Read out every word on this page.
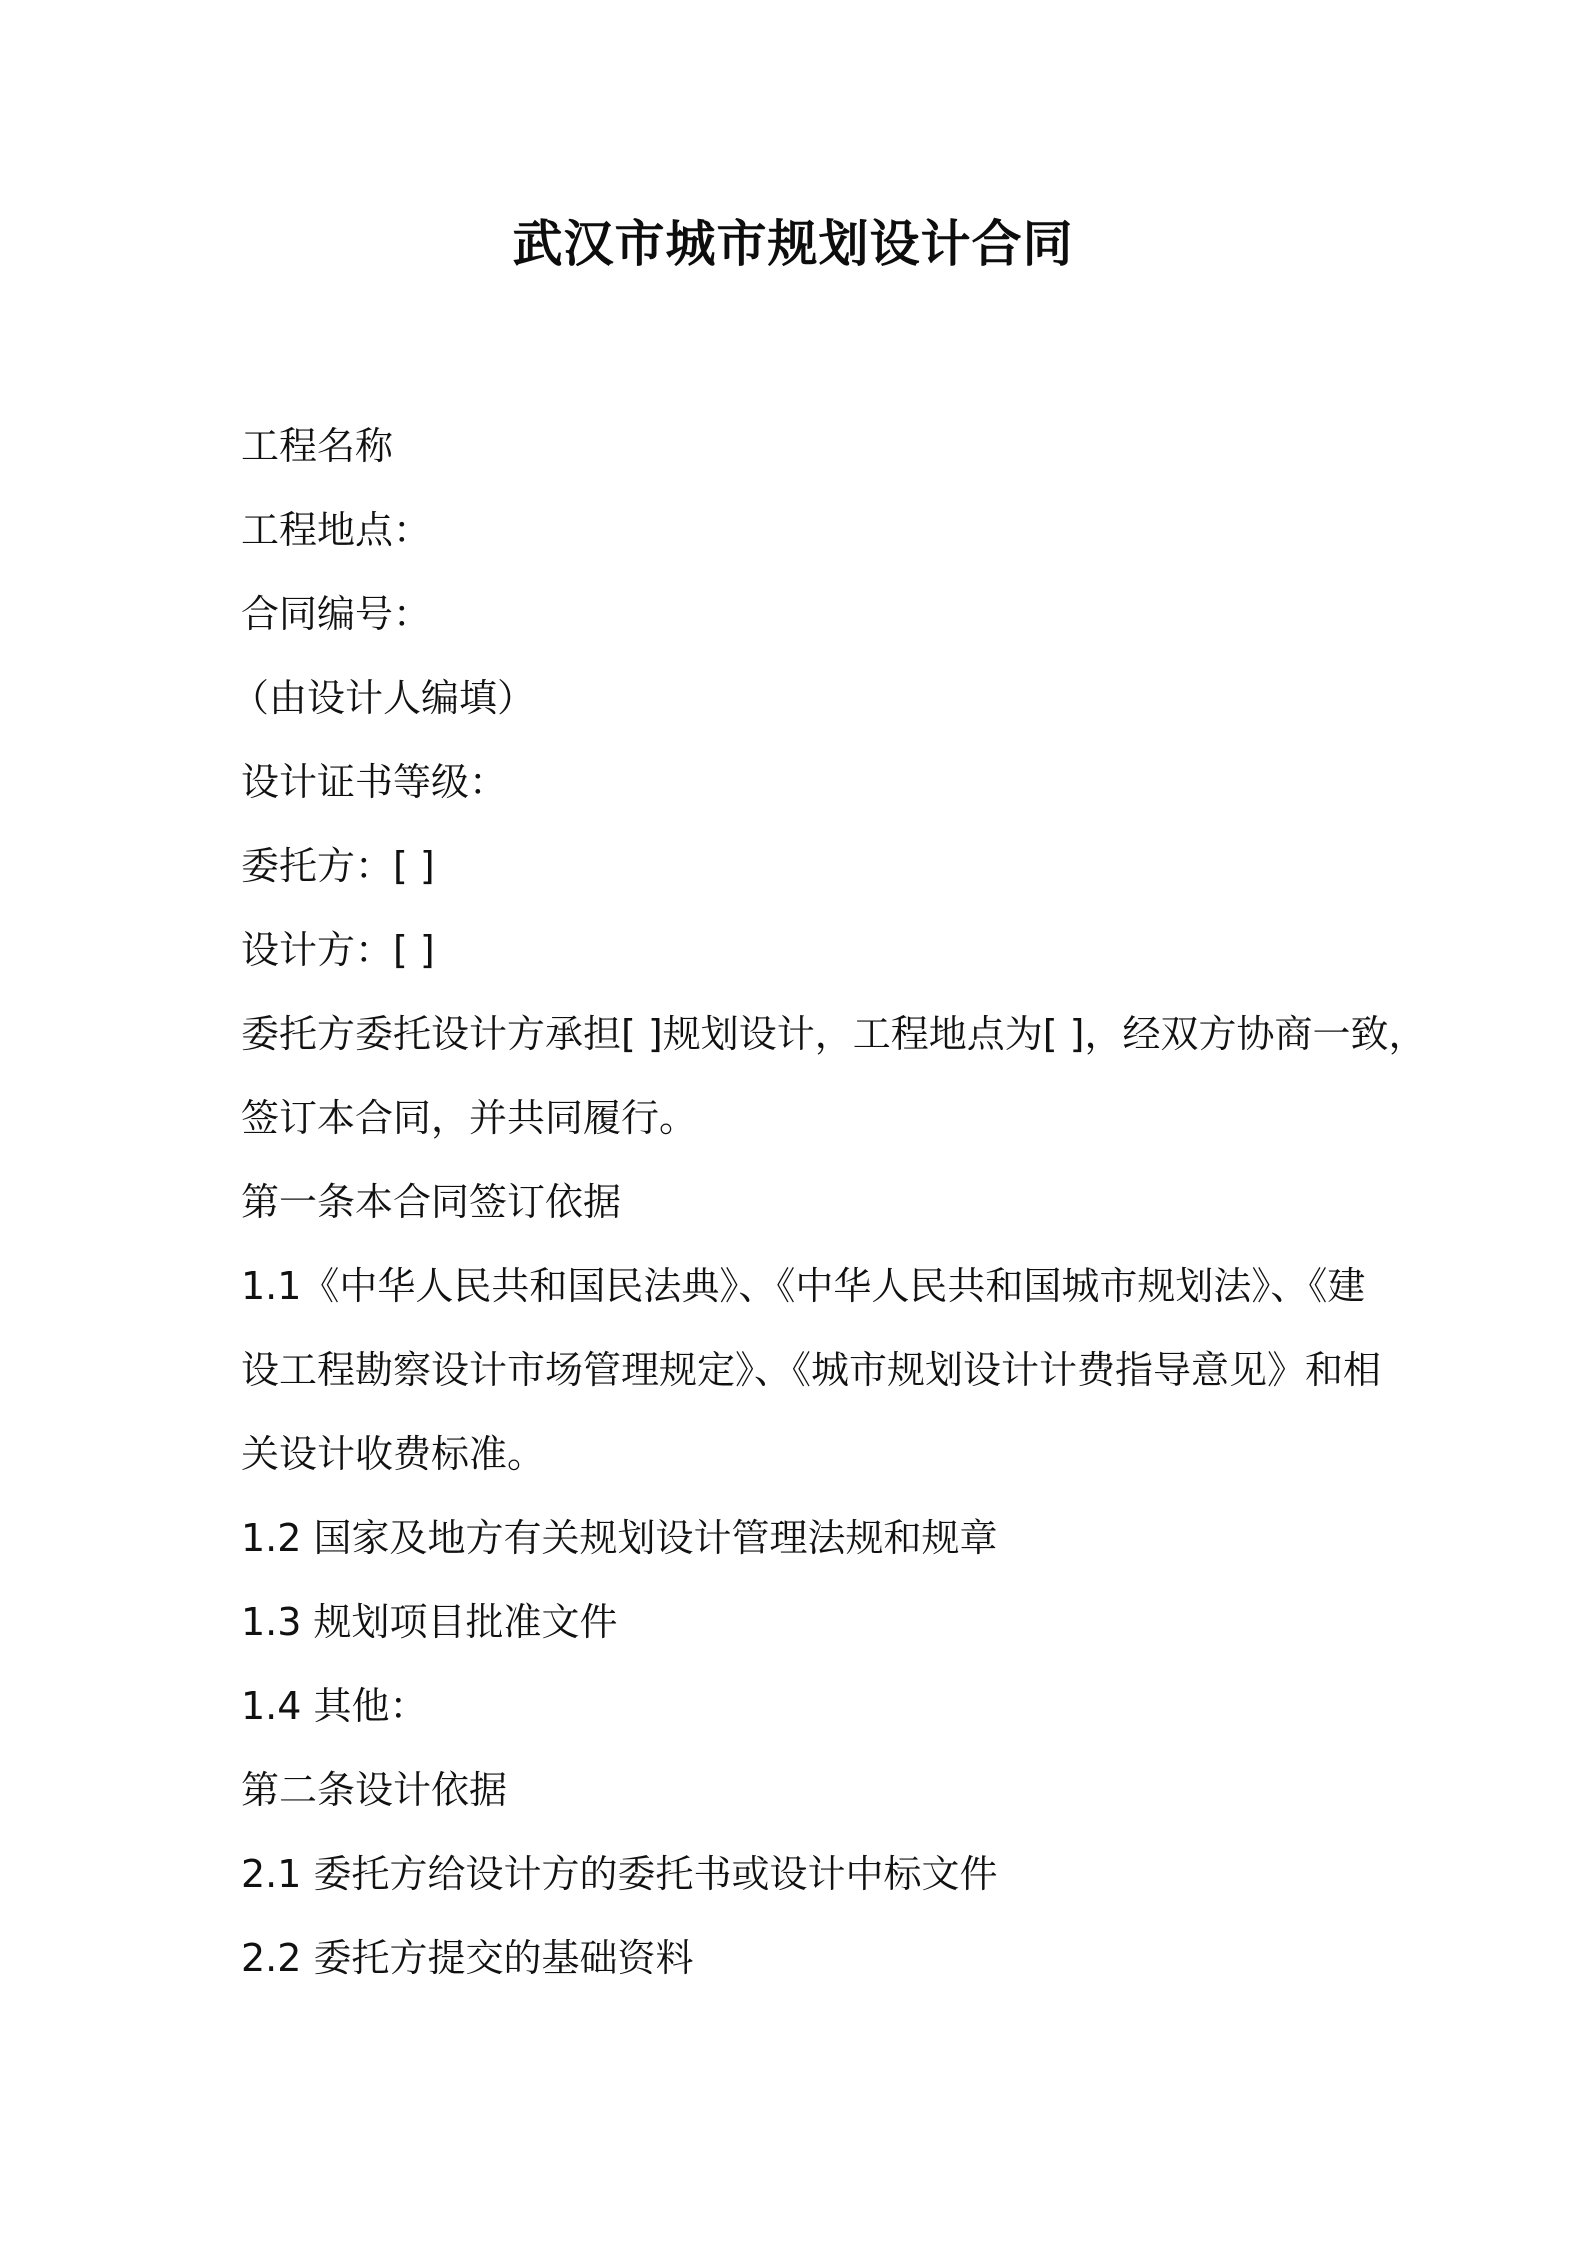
武汉市城市规划设计合同
工程名称
工程地点：
合同编号：
（由设计人编填）
设计证书等级：
委托方：[ ]
设计方：[ ]
委托方委托设计方承担[ ]规划设计，工程地点为[ ]，经双方协商一致，
签订本合同，并共同履行。
第一条本合同签订依据
1.1《中华人民共和国民法典》、《中华人民共和国城市规划法》、《建
设工程勘察设计市场管理规定》、《城市规划设计计费指导意见》和相
关设计收费标准。
1.2 国家及地方有关规划设计管理法规和规章
1.3 规划项目批准文件
1.4 其他：
第二条设计依据
2.1 委托方给设计方的委托书或设计中标文件
2.2 委托方提交的基础资料
